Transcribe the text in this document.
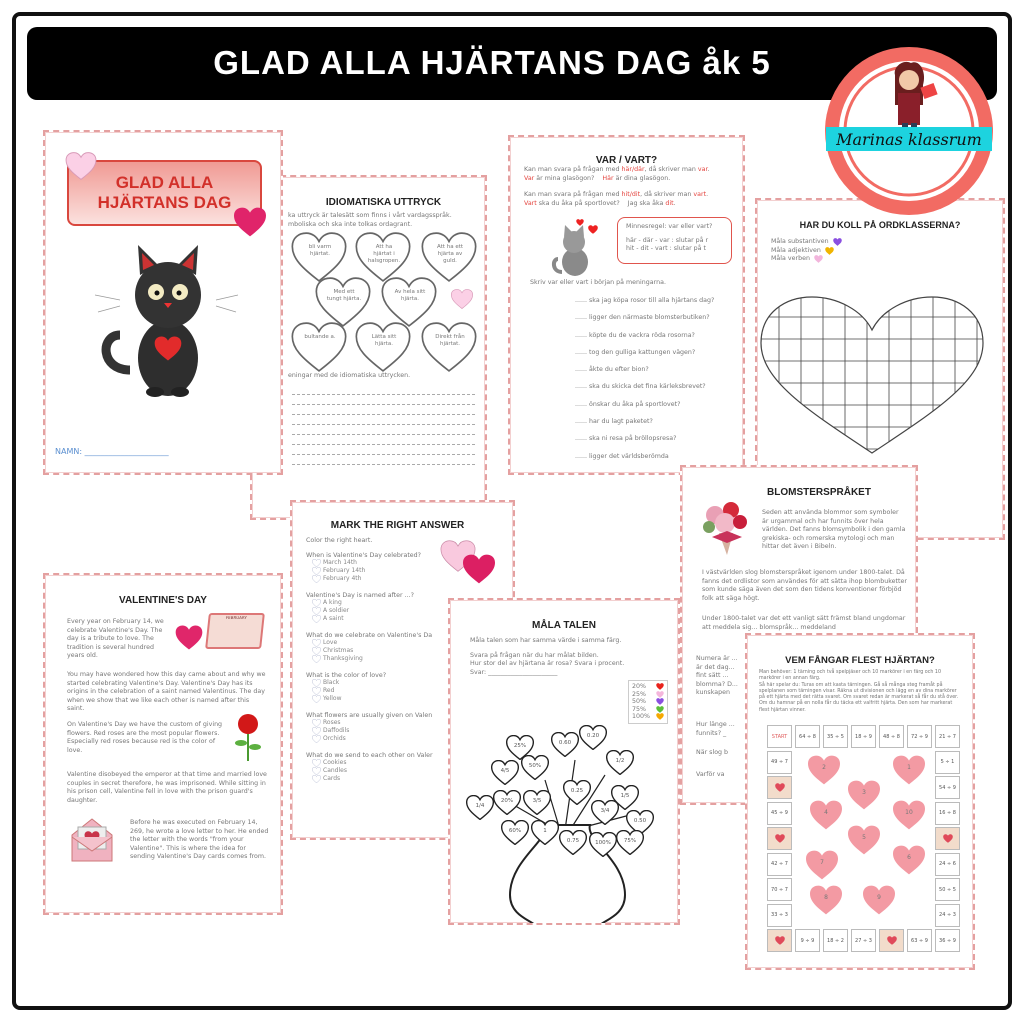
GLAD ALLA HJÄRTANS DAG åk 5
IDIOMATISKA UTTRYCK
ka uttryck är talesätt som finns i vårt vardagsspråk.
mboliska och ska inte tolkas ordagrant.
bli varm hjärtat.
Att ha hjärtat i halsgropen.
Att ha ett hjärta av guld.
Med ett tungt hjärta.
Av hela sitt hjärta.
bultande a.	Lätta sitt hjärta.
Direkt från hjärtat.
eningar med de idiomatiska uttrycken.
GLAD ALLA
HJÄRTANS DAG
NAMN: _____________________
VAR / VART?
Kan man svara på frågan med här/där, då skriver man var.
Var är mina glasögon? Här är dina glasögon.
Kan man svara på frågan med hit/dit, då skriver man vart.
Vart ska du åka på sportlovet? Jag ska åka dit.
Minnesregel: var eller vart?
här - där - var : slutar på r
hit - dit - vart : slutar på t
Skriv var eller vart i början på meningarna.
...... ska jag köpa rosor till alla hjärtans dag?
...... ligger den närmaste blomsterbutiken?
...... köpte du de vackra röda rosorna?
...... tog den gulliga kattungen vägen?
...... åkte du efter bion?
...... ska du skicka det fina kärleksbrevet?
...... önskar du åka på sportlovet?
...... har du lagt paketet?
...... ska ni resa på bröllopsresa?
...... ligger det världsberömda
HAR DU KOLL PÅ ORDKLASSERNA?
Måla substantiven
Måla adjektiven
Måla verben
BLOMSTERSPRÅKET
Seden att använda blommor som symboler är urgammal och har funnits över hela världen. Det fanns blomsymbolik i den gamla grekiska- och romerska mytologi och man hittar det även i Bibeln.
I västvärlden slog blomsterspråket igenom under 1800-talet. Då fanns det ordlistor som användes för att sätta ihop blombuketter som kunde säga även det som den tidens konventioner förbjöd folk att säga högt.
Under 1800-talet var det ett vanligt sätt främst bland ungdomar att meddela sig... blomspråk... meddeland
Numera är ... är det dag... fint sätt ... blomma? D... kunskapen
Hur länge ... funnits? _
När slog b
Varför va
VALENTINE'S DAY
Every year on February 14, we celebrate Valentine's Day. The day is a tribute to love. The tradition is several hundred years old.
FEBRUARY
You may have wondered how this day came about and why we started celebrating Valentine's Day. Valentine's Day has its origins in the celebration of a saint named Valentinus. The day when we show that we like each other is named after this saint.
On Valentine's Day we have the custom of giving flowers. Red roses are the most popular flowers. Especially red roses because red is the color of love.
Valentine disobeyed the emperor at that time and married love couples in secret therefore, he was imprisoned. While sitting in his prison cell, Valentine fell in love with the prison guard's daughter.
Before he was executed on February 14, 269, he wrote a love letter to her. He ended the letter with the words "from your Valentine". This is where the idea for sending Valentine's Day cards comes from.
MARK THE RIGHT ANSWER
Color the right heart.
When is Valentine's Day celebrated?
March 14th
February 14th
February 4th
Valentine's Day is named after ...?
A king
A soldier
A saint
What do we celebrate on Valentine's Da
Love
Christmas
Thanksgiving
What is the color of love?
Black
Red
Yellow
What flowers are usually given on Valen
Roses
Daffodils
Orchids
What do we send to each other on Valer
Cookies
Candles
Cards
MÅLA TALEN
Måla talen som har samma värde i samma färg.
Svara på frågan när du har målat bilden.
Hur stor del av hjärtana är rosa? Svara i procent.
Svar: ______________________
20%
25%
50%
75%
100%
25%	0.60
0.20
4/5
50%
1/2
0.25
1/4
20%	3/5
3/4
1/5
0.50
60%	1
0.75	100% 75%
VEM FÅNGAR FLEST HJÄRTAN?
Man behöver: 1 tärning och två spelpjäser och 10 markörer i en färg och 10 markörer i en annan färg.
Så här spelar du: Turas om att kasta tärningen. Gå så många steg framåt på spelplanen som tärningen visar. Räkna ut divisionen och lägg en av dina markörer på ett hjärta med det rätta svaret. Om svaret redan är markerat så får du stå över. Om du hamnar på en nolla får du täcka ett valfritt hjärta. Den som har markerat flest hjärtan vinner.
START	64 ÷ 8	35 ÷ 5	18 ÷ 9	48 ÷ 8	72 ÷ 9	21 ÷ 7
49 ÷ 7
45 ÷ 9
42 ÷ 7
70 ÷ 7
33 ÷ 3
5 ÷ 1
54 ÷ 9
16 ÷ 8
24 ÷ 6
50 ÷ 5
24 ÷ 3
9 ÷ 9	18 ÷ 2	27 ÷ 3	63 ÷ 9	36 ÷ 9
1
2
3
4
5
6
7
8	9
10
Marinas klassrum
